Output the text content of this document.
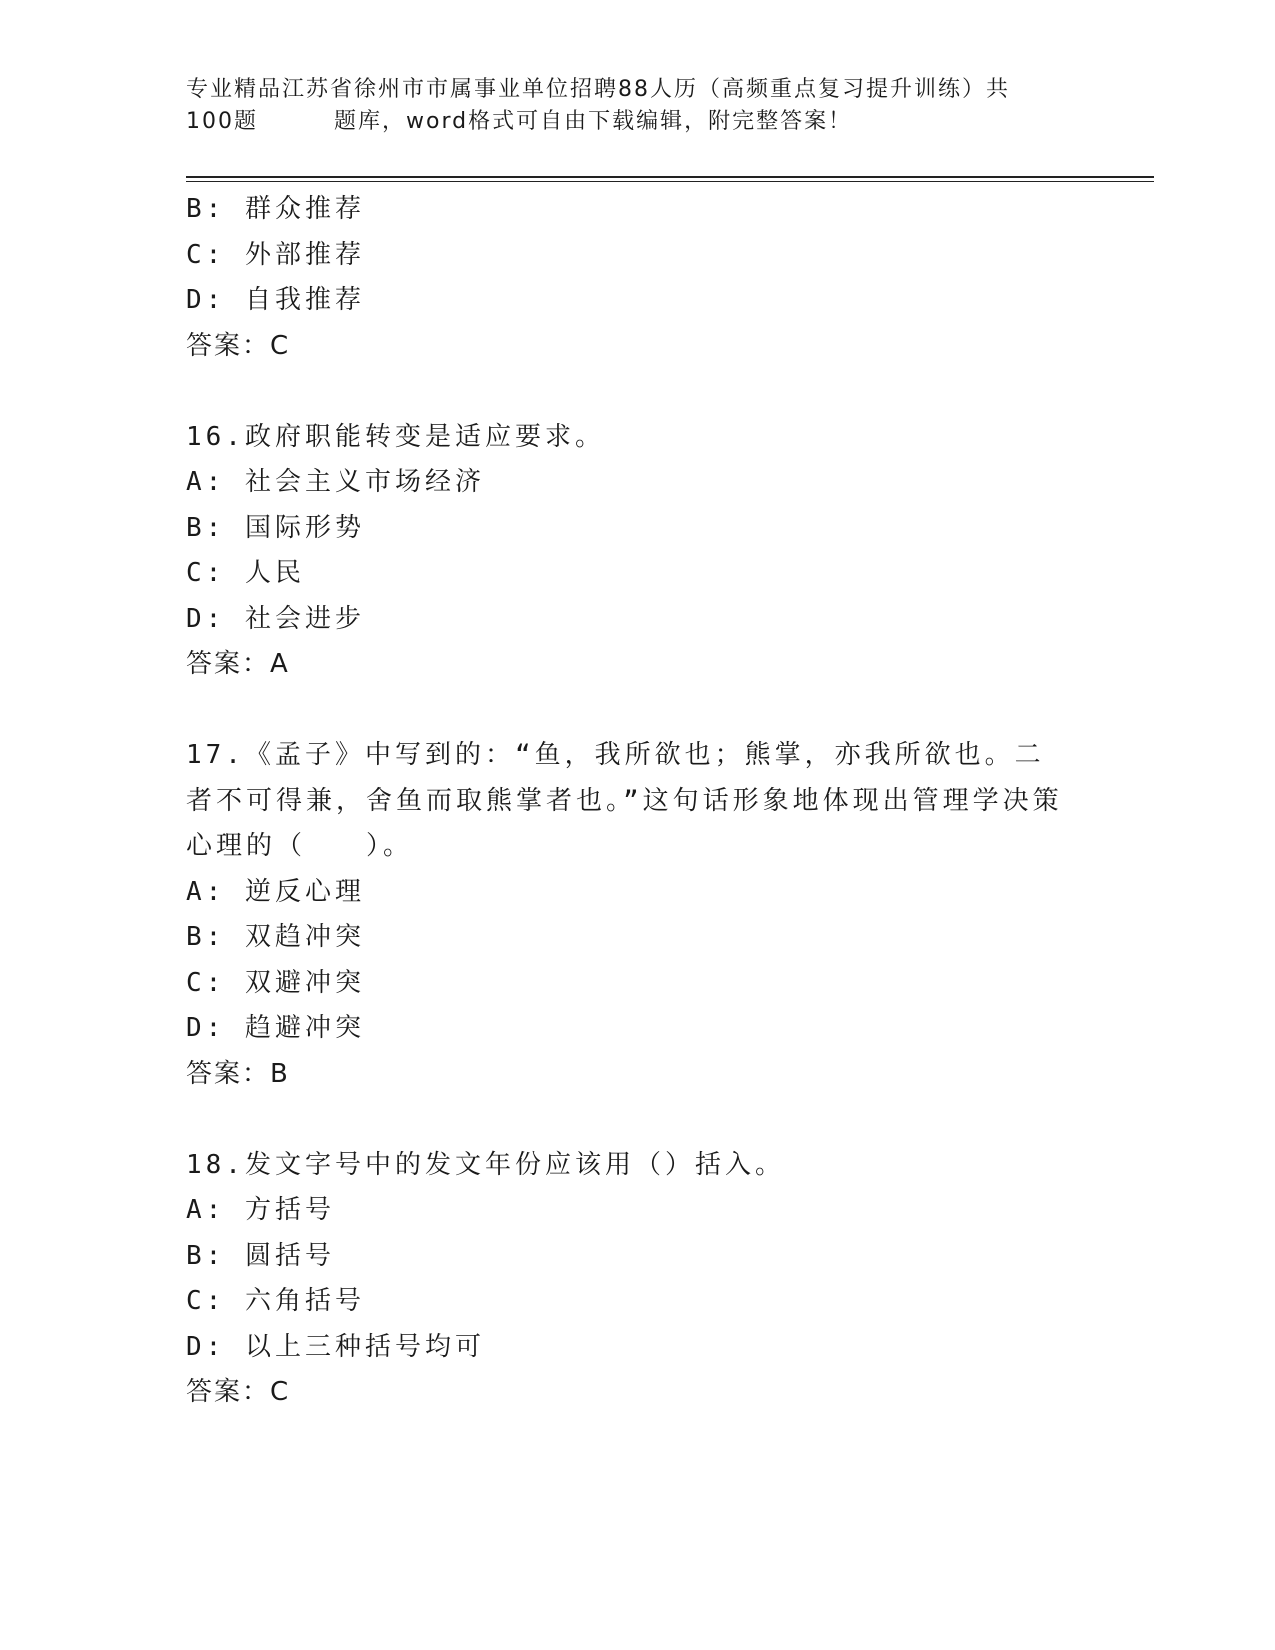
专业精品江苏省徐州市市属事业单位招聘88人历（高频重点复习提升训练）共
100题	题库，word格式可自由下载编辑，附完整答案！
B: 群众推荐
C: 外部推荐
D: 自我推荐
答案：C
16.政府职能转变是适应要求。
A: 社会主义市场经济
B: 国际形势
C: 人民
D: 社会进步
答案：A
17.《孟子》中写到的：“鱼，我所欲也；熊掌，亦我所欲也。二者不可得兼，舍鱼而取熊掌者也。”这句话形象地体现出管理学决策心理的（　　）。
A: 逆反心理
B: 双趋冲突
C: 双避冲突
D: 趋避冲突
答案：B
18.发文字号中的发文年份应该用（）括入。
A: 方括号
B: 圆括号
C: 六角括号
D: 以上三种括号均可
答案：C
